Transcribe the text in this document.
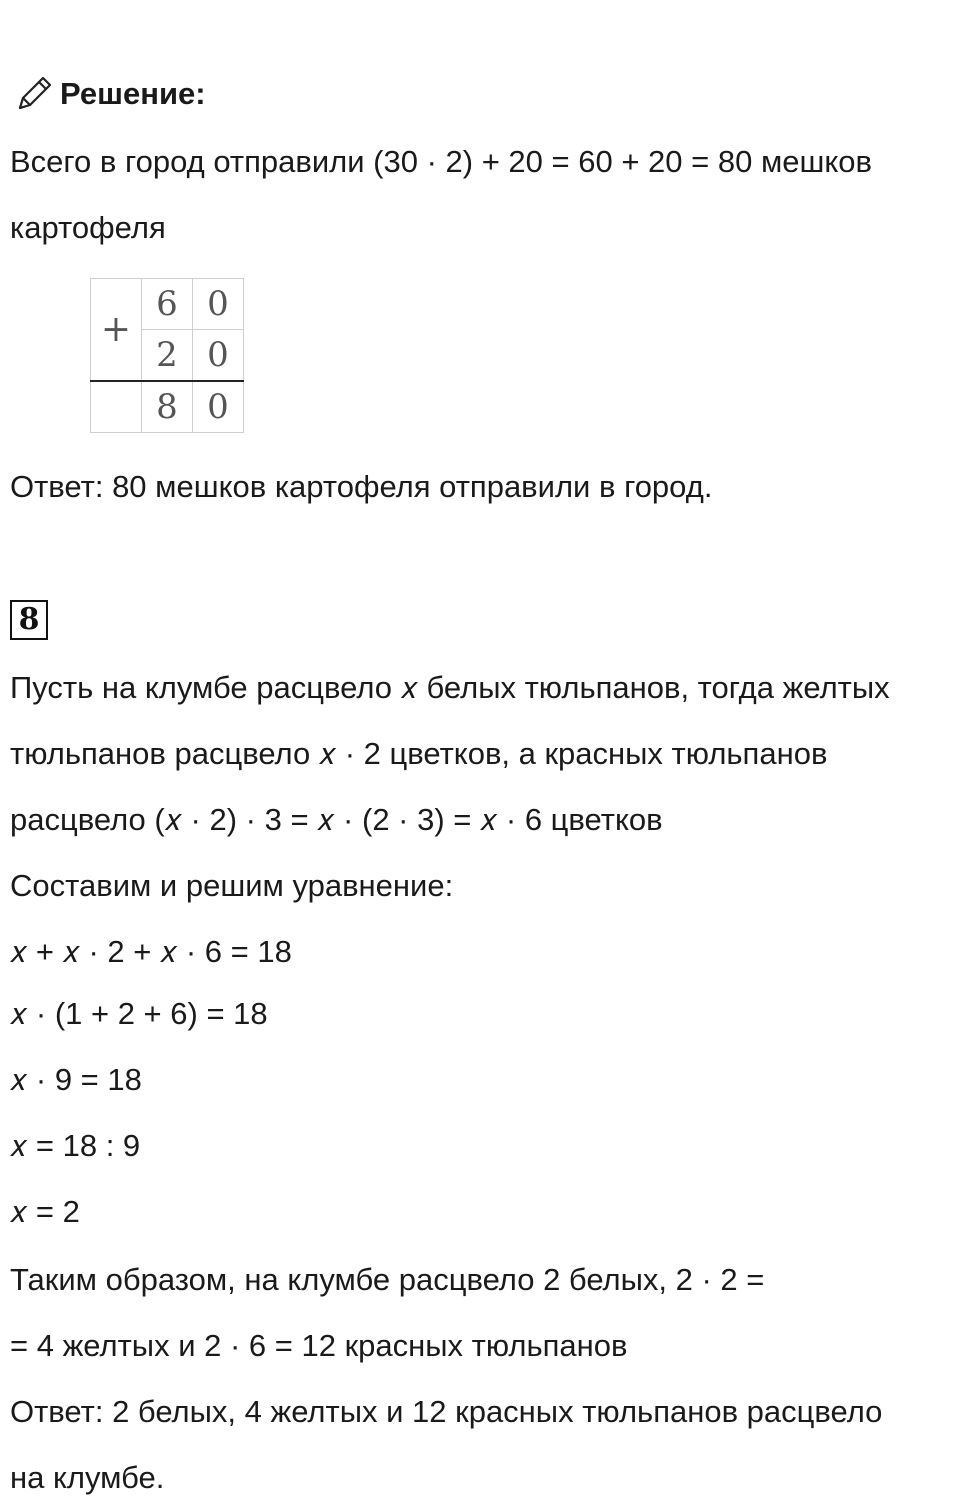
Решение:
Всего в город отправили (30 · 2) + 20 = 60 + 20 = 80 мешков
картофеля
+	6	0
	2	0
	8	0
Ответ: 80 мешков картофеля отправили в город.
8
Пусть на клумбе расцвело 𝑥 белых тюльпанов, тогда желтых
тюльпанов расцвело 𝑥 · 2 цветков, а красных тюльпанов
расцвело (𝑥 · 2) · 3 = 𝑥 · (2 · 3) = 𝑥 · 6 цветков
Составим и решим уравнение:
𝑥 + 𝑥 · 2 + 𝑥 · 6 = 18
𝑥 · (1 + 2 + 6) = 18
𝑥 · 9 = 18
𝑥 = 18 : 9
𝑥 = 2
Таким образом, на клумбе расцвело 2 белых, 2 · 2 =
= 4 желтых и 2 · 6 = 12 красных тюльпанов
Ответ: 2 белых, 4 желтых и 12 красных тюльпанов расцвело
на клумбе.
